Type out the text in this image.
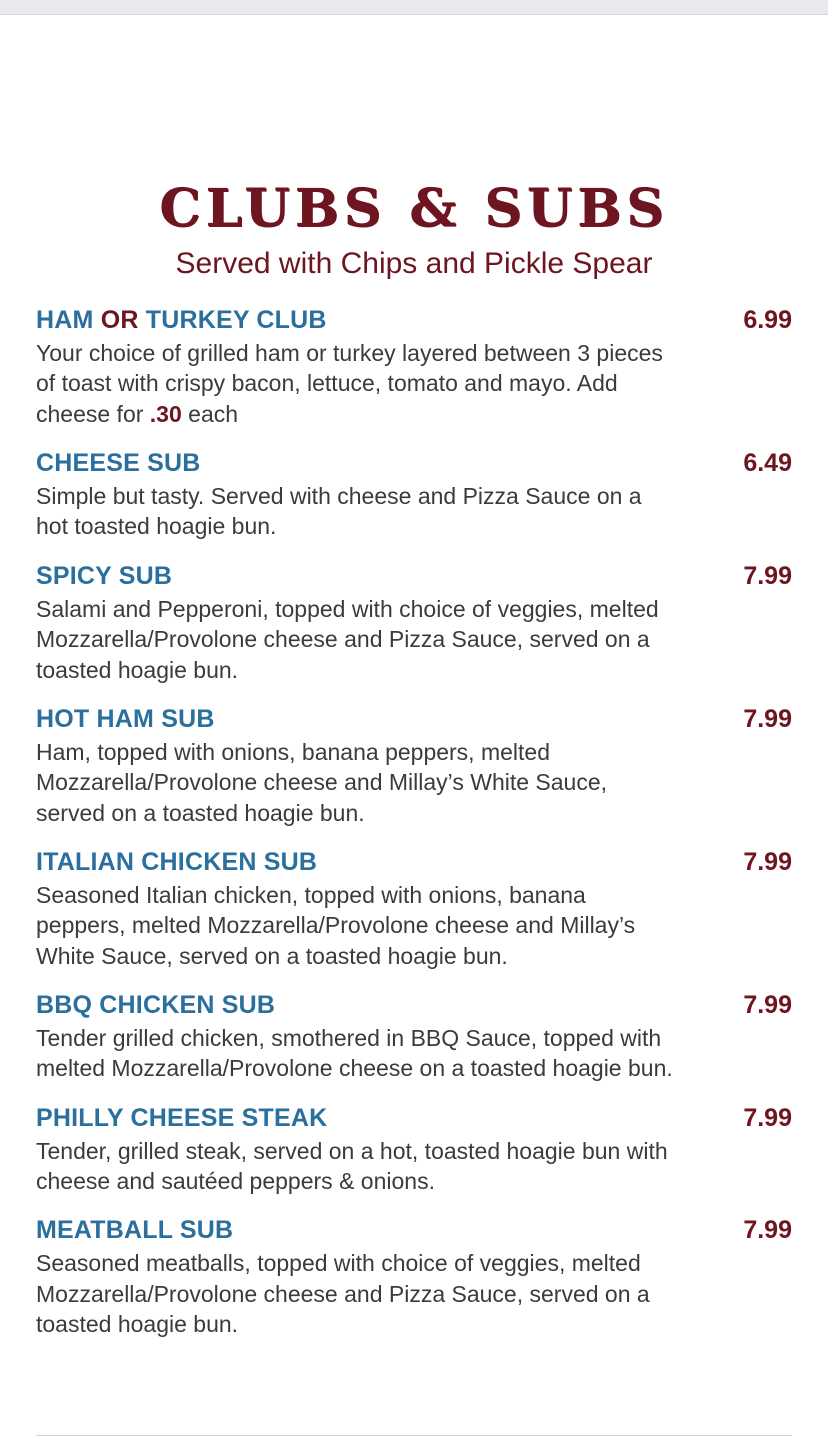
CLUBS & SUBS

Served with Chips and Pickle Spear

HAM OR TURKEY CLUB	6.99
Your choice of grilled ham or turkey layered between 3 pieces of toast with crispy bacon, lettuce, tomato and mayo. Add cheese for .30 each
CHEESE SUB	6.49
Simple but tasty. Served with cheese and Pizza Sauce on a hot toasted hoagie bun.
SPICY SUB	7.99
Salami and Pepperoni, topped with choice of veggies, melted Mozzarella/Provolone cheese and Pizza Sauce, served on a toasted hoagie bun.
HOT HAM SUB	7.99
Ham, topped with onions, banana peppers, melted Mozzarella/Provolone cheese and Millay’s White Sauce, served on a toasted hoagie bun.
ITALIAN CHICKEN SUB	7.99
Seasoned Italian chicken, topped with onions, banana peppers, melted Mozzarella/Provolone cheese and Millay’s White Sauce, served on a toasted hoagie bun.
BBQ CHICKEN SUB	7.99
Tender grilled chicken, smothered in BBQ Sauce, topped with melted Mozzarella/Provolone cheese on a toasted hoagie bun.
PHILLY CHEESE STEAK	7.99
Tender, grilled steak, served on a hot, toasted hoagie bun with cheese and sautéed peppers & onions.
MEATBALL SUB	7.99
Seasoned meatballs, topped with choice of veggies, melted Mozzarella/Provolone cheese and Pizza Sauce, served on a toasted hoagie bun.
